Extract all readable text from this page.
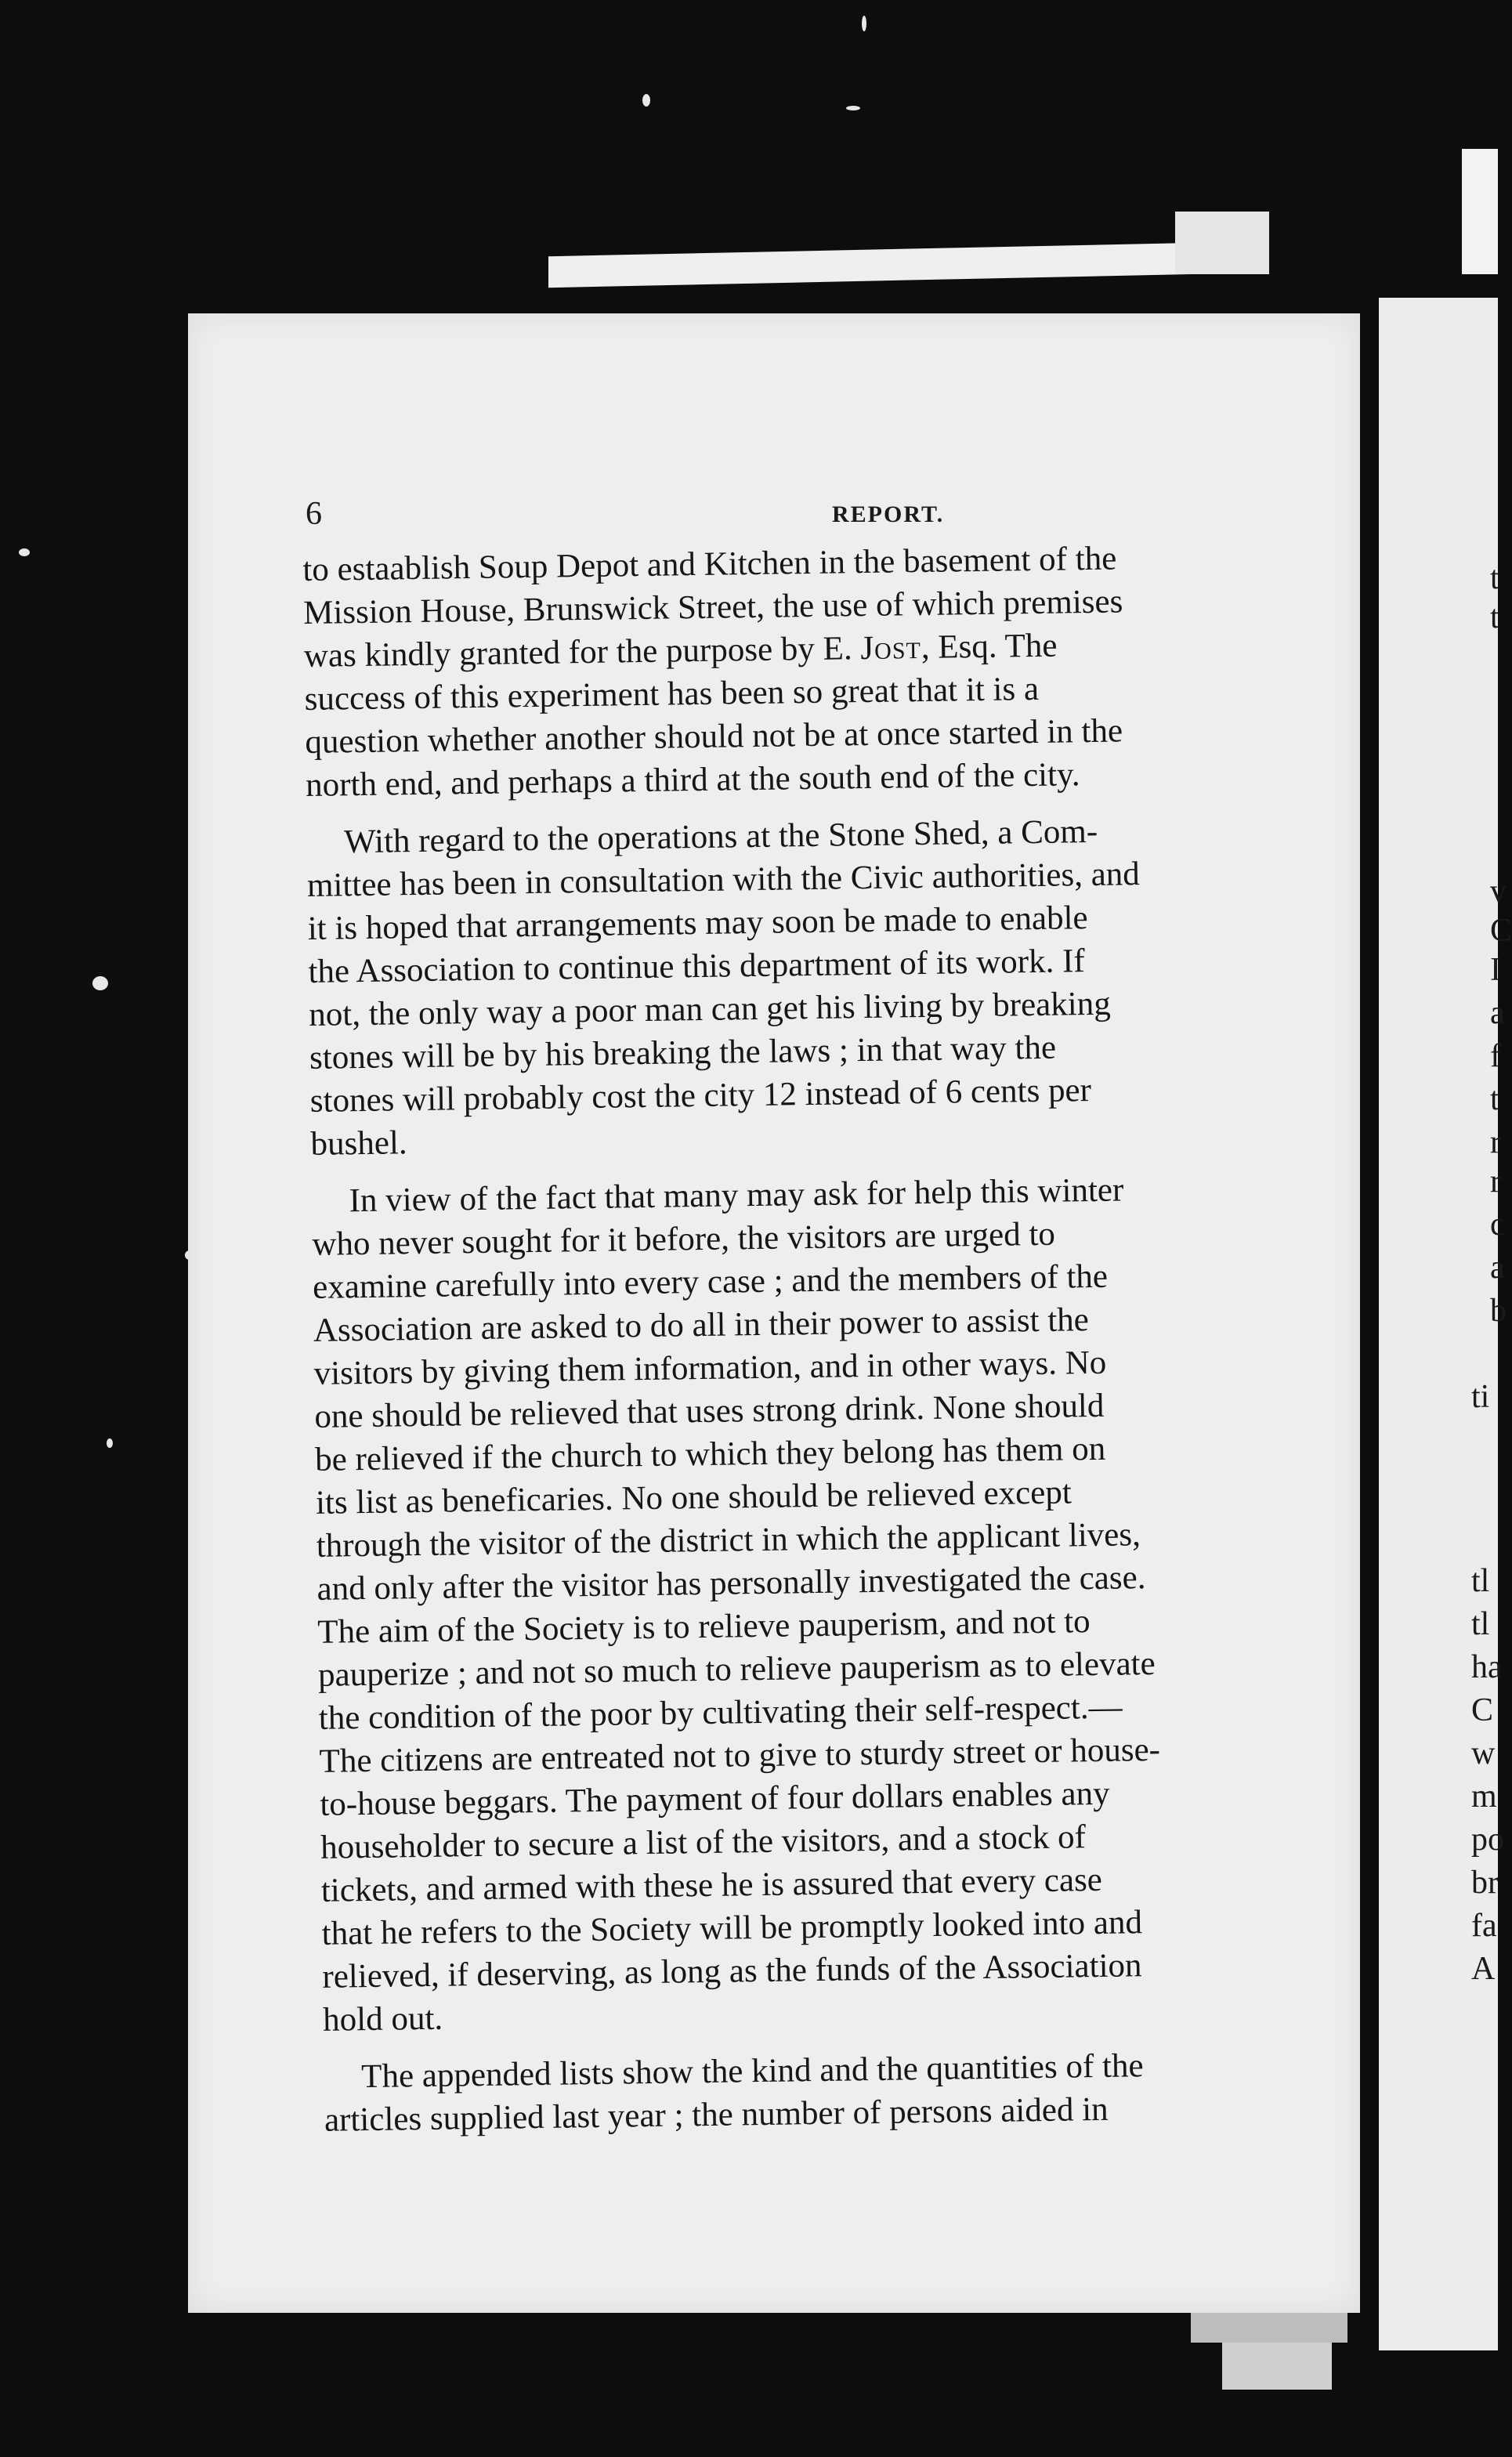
6	REPORT.
to estaablish Soup Depot and Kitchen in the basement of the
Mission House, Brunswick Street, the use of which premises
was kindly granted for the purpose by E. Jost, Esq. The
success of this experiment has been so great that it is a
question whether another should not be at once started in the
north end, and perhaps a third at the south end of the city.
With regard to the operations at the Stone Shed, a Com-
mittee has been in consultation with the Civic authorities, and
it is hoped that arrangements may soon be made to enable
the Association to continue this department of its work. If
not, the only way a poor man can get his living by breaking
stones will be by his breaking the laws ; in that way the
stones will probably cost the city 12 instead of 6 cents per
bushel.
In view of the fact that many may ask for help this winter
who never sought for it before, the visitors are urged to
examine carefully into every case ; and the members of the
Association are asked to do all in their power to assist the
visitors by giving them information, and in other ways. No
one should be relieved that uses strong drink. None should
be relieved if the church to which they belong has them on
its list as beneficaries. No one should be relieved except
through the visitor of the district in which the applicant lives,
and only after the visitor has personally investigated the case.
The aim of the Society is to relieve pauperism, and not to
pauperize ; and not so much to relieve pauperism as to elevate
the condition of the poor by cultivating their self-respect.—
The citizens are entreated not to give to sturdy street or house-
to-house beggars. The payment of four dollars enables any
householder to secure a list of the visitors, and a stock of
tickets, and armed with these he is assured that every case
that he refers to the Society will be promptly looked into and
relieved, if deserving, as long as the funds of the Association
hold out.
The appended lists show the kind and the quantities of the
articles supplied last year ; the number of persons aided in
t
t
v
C
I
a
f
t
r
r
c
a
b
ti
tl
tl
ha
C
w
m
po
br
fa
A
